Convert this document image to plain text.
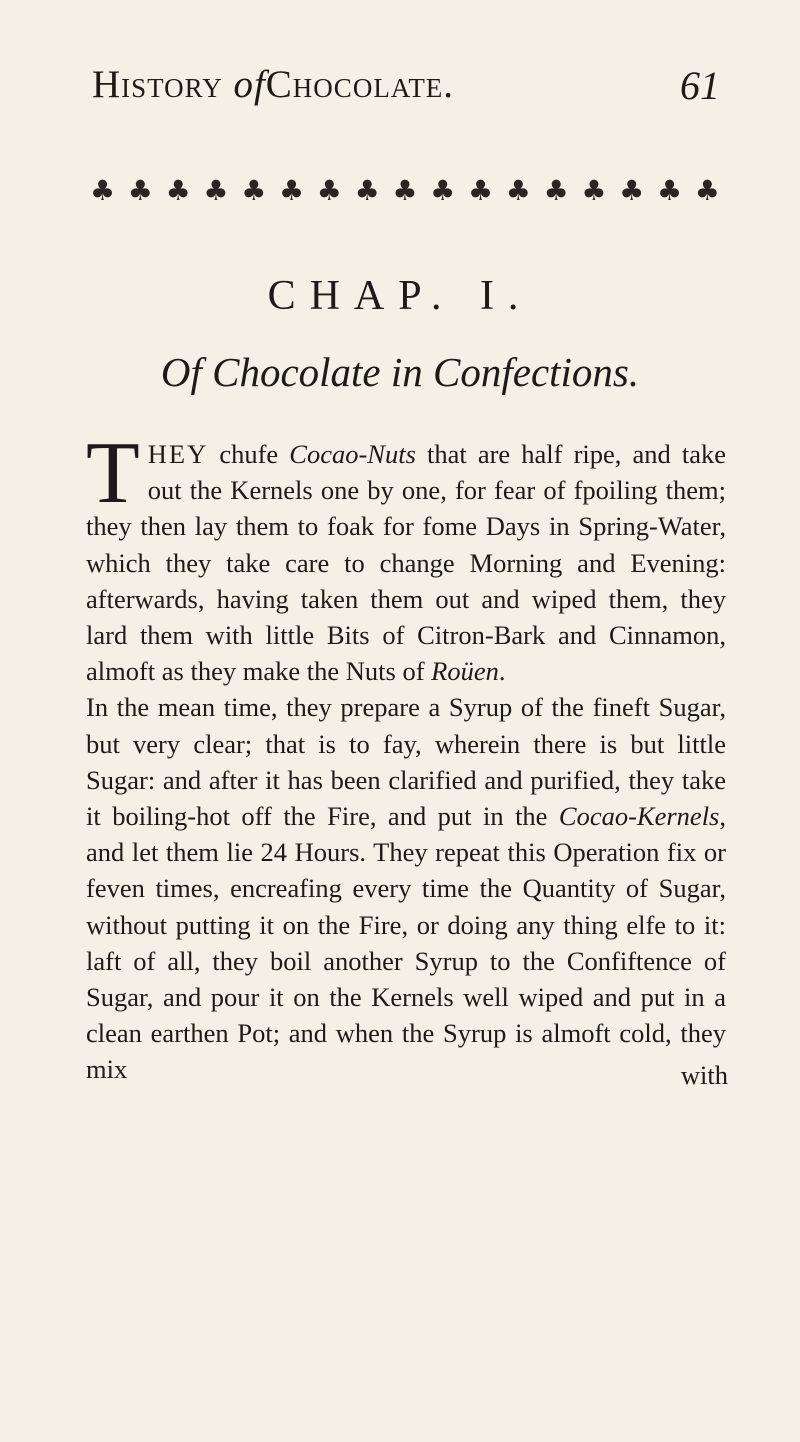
History ofChocolate.	61
♣ ♣ ♣ ♣ ♣ ♣ ♣ ♣ ♣ ♣ ♣ ♣ ♣ ♣ ♣ ♣ ♣
CHAP. I.
Of Chocolate in Confections.

THEY chufe Cocao-Nuts that are half ripe, and take out the Kernels one by one, for fear of fpoiling them; they then lay them to foak for fome Days in Spring-Water, which they take care to change Morning and Evening: afterwards, having taken them out and wiped them, they lard them with little Bits of Citron-Bark and Cinnamon, almoft as they make the Nuts of Roüen.

In the mean time, they prepare a Syrup of the fineft Sugar, but very clear; that is to fay, wherein there is but little Sugar: and after it has been clarified and purified, they take it boiling-hot off the Fire, and put in the Cocao-Kernels, and let them lie 24 Hours. They repeat this Operation fix or feven times, encreafing every time the Quantity of Sugar, without putting it on the Fire, or doing any thing elfe to it: laft of all, they boil another Syrup to the Confiftence of Sugar, and pour it on the Kernels well wiped and put in a clean earthen Pot; and when the Syrup is almoft cold, they mix	with
